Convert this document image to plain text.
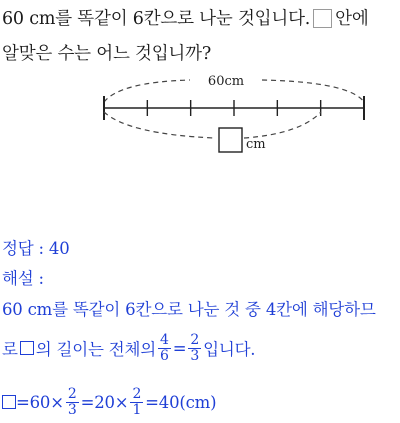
60 cm를 똑같이 6칸으로 나눈 것입니다. 안에
알맞은 수는 어느 것입니까?
60cm
cm
정답 : 40
해설 :
60 cm를 똑같이 6칸으로 나눈 것 중 4칸에 해당하므
로 의 길이는 전체의 $\frac{4}{6} = \frac{2}{3}$ 입니다.
$=60\times \frac{2}{3} =20\times \frac{2}{1} =40(cm)$
